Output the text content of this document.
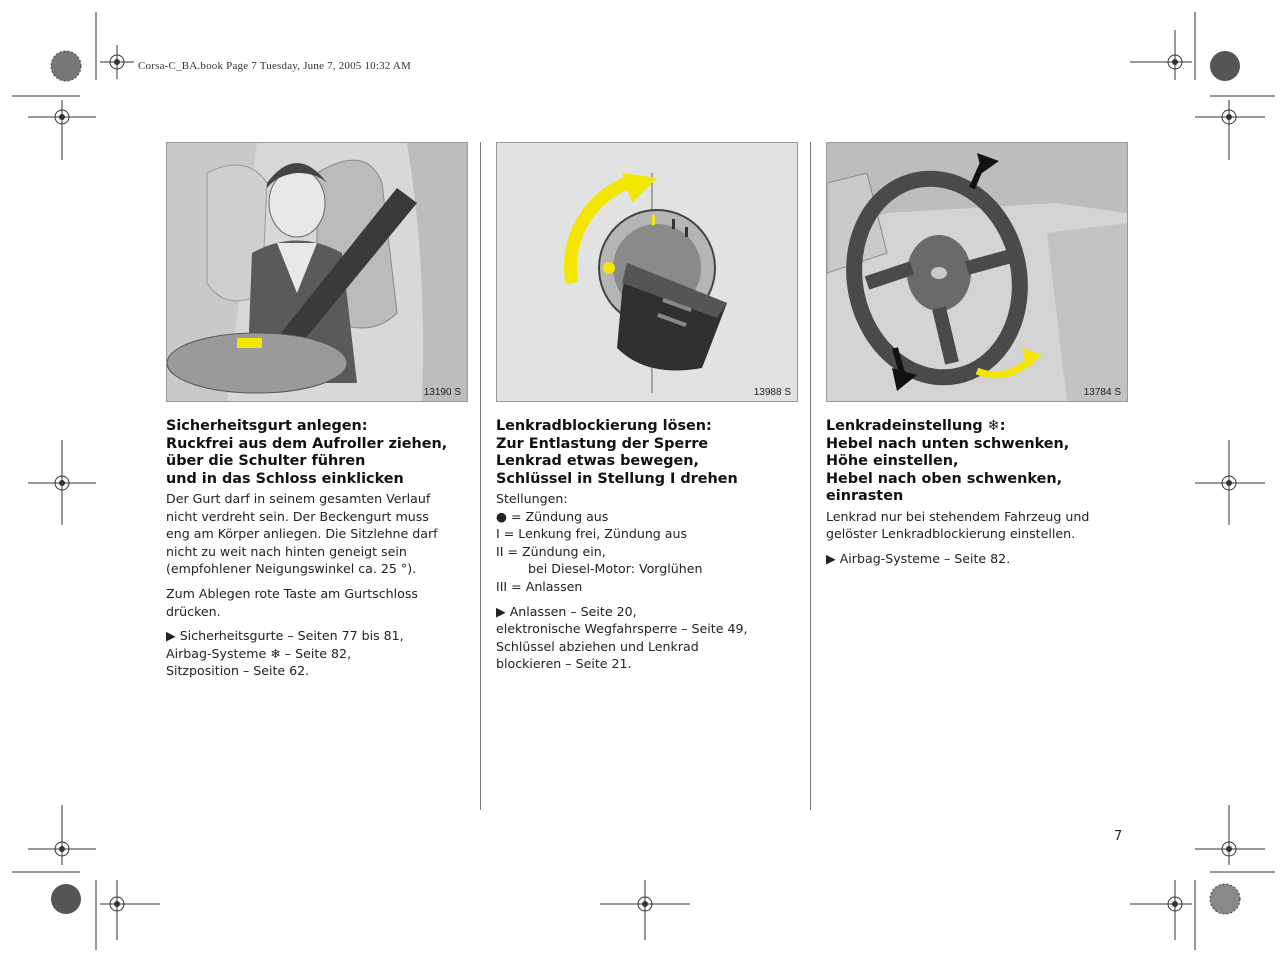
Corsa-C_BA.book Page 7 Tuesday, June 7, 2005 10:32 AM
13190 S
Sicherheitsgurt anlegen:
Ruckfrei aus dem Aufroller ziehen,
über die Schulter führen
und in das Schloss einklicken

Der Gurt darf in seinem gesamten Verlauf
nicht verdreht sein. Der Beckengurt muss
eng am Körper anliegen. Die Sitzlehne darf
nicht zu weit nach hinten geneigt sein
(empfohlener Neigungswinkel ca. 25 °).

Zum Ablegen rote Taste am Gurtschloss
drücken.

▶ Sicherheitsgurte – Seiten 77 bis 81,
Airbag-Systeme ❄ – Seite 82,
Sitzposition – Seite 62.

13988 S
Lenkradblockierung lösen:
Zur Entlastung der Sperre
Lenkrad etwas bewegen,
Schlüssel in Stellung I drehen

Stellungen:
● = Zündung aus
I = Lenkung frei, Zündung aus
II = Zündung ein,
bei Diesel-Motor: Vorglühen
III = Anlassen

▶ Anlassen – Seite 20,
elektronische Wegfahrsperre – Seite 49,
Schlüssel abziehen und Lenkrad
blockieren – Seite 21.

13784 S
Lenkradeinstellung ❄:
Hebel nach unten schwenken,
Höhe einstellen,
Hebel nach oben schwenken,
einrasten

Lenkrad nur bei stehendem Fahrzeug und
gelöster Lenkradblockierung einstellen.

▶ Airbag-Systeme – Seite 82.

7
